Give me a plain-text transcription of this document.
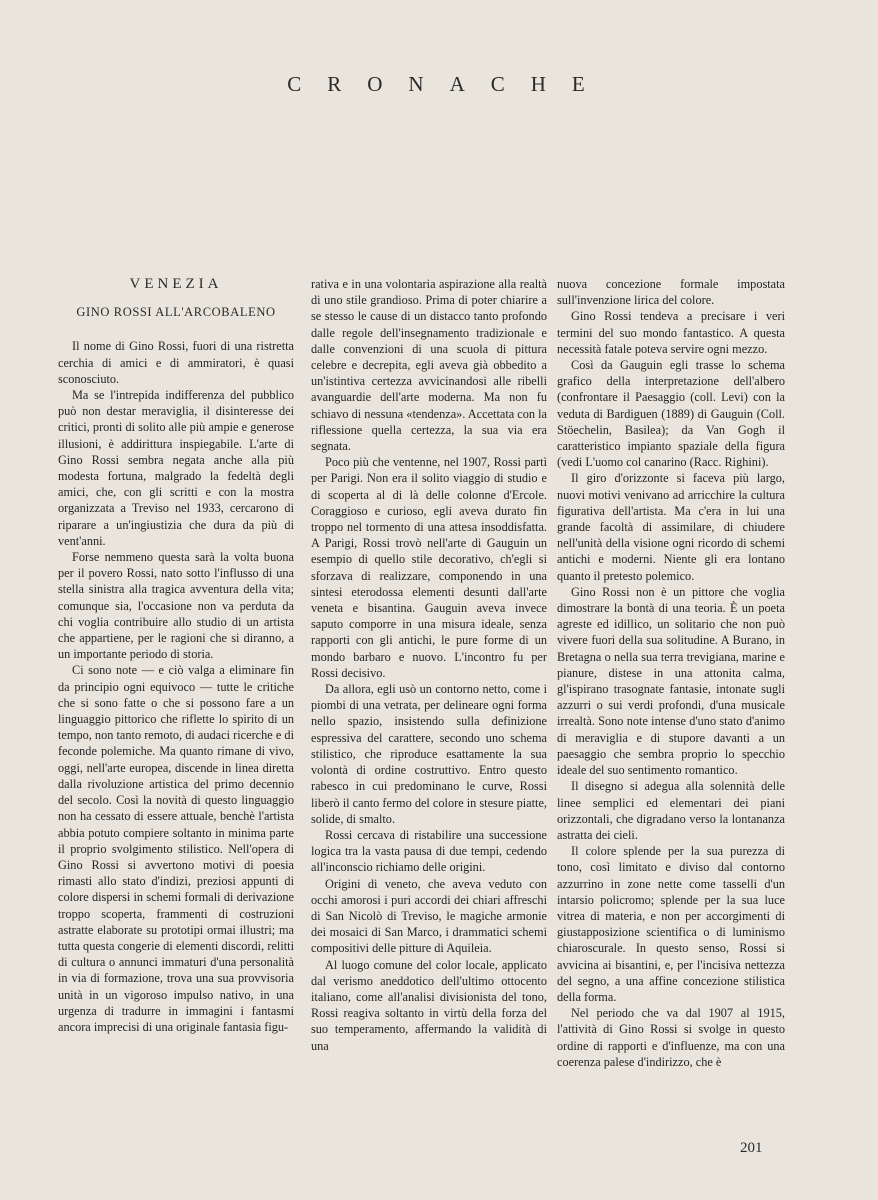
CRONACHE
VENEZIA
GINO ROSSI ALL'ARCOBALENO

Il nome di Gino Rossi, fuori di una ristretta cerchia di amici e di ammiratori, è quasi sconosciuto.

Ma se l'intrepida indifferenza del pubblico può non destar meraviglia, il disinteresse dei critici, pronti di solito alle più ampie e generose illusioni, è addirittura inspiegabile. L'arte di Gino Rossi sembra negata anche alla più modesta fortuna, malgrado la fedeltà degli amici, che, con gli scritti e con la mostra organizzata a Treviso nel 1933, cercarono di riparare a un'ingiustizia che dura da più di vent'anni.

Forse nemmeno questa sarà la volta buona per il povero Rossi, nato sotto l'influsso di una stella sinistra alla tragica avventura della vita; comunque sia, l'occasione non va perduta da chi voglia contribuire allo studio di un artista che appartiene, per le ragioni che si diranno, a un importante periodo di storia.

Ci sono note — e ciò valga a eliminare fin da principio ogni equivoco — tutte le critiche che si sono fatte o che si possono fare a un linguaggio pittorico che riflette lo spirito di un tempo, non tanto remoto, di audaci ricerche e di feconde polemiche. Ma quanto rimane di vivo, oggi, nell'arte europea, discende in linea diretta dalla rivoluzione artistica del primo decennio del secolo. Così la novità di questo linguaggio non ha cessato di essere attuale, benchè l'artista abbia potuto compiere soltanto in minima parte il proprio svolgimento stilistico. Nell'opera di Gino Rossi si avvertono motivi di poesia rimasti allo stato d'indizi, preziosi appunti di colore dispersi in schemi formali di derivazione troppo scoperta, frammenti di costruzioni astratte elaborate su prototipi ormai illustri; ma tutta questa congerie di elementi discordi, relitti di cultura o annunci immaturi d'una personalità in via di formazione, trova una sua provvisoria unità in un vigoroso impulso nativo, in una urgenza di tradurre in immagini i fantasmi ancora imprecisi di una originale fantasia figu-

rativa e in una volontaria aspirazione alla realtà di uno stile grandioso. Prima di poter chiarire a se stesso le cause di un distacco tanto profondo dalle regole dell'insegnamento tradizionale e dalle convenzioni di una scuola di pittura celebre e decrepita, egli aveva già obbedito a un'istintiva certezza avvicinandosi alle ribelli avanguardie dell'arte moderna. Ma non fu schiavo di nessuna «tendenza». Accettata con la riflessione quella certezza, la sua via era segnata.

Poco più che ventenne, nel 1907, Rossi partì per Parigi. Non era il solito viaggio di studio e di scoperta al di là delle colonne d'Ercole. Coraggioso e curioso, egli aveva durato fin troppo nel tormento di una attesa insoddisfatta. A Parigi, Rossi trovò nell'arte di Gauguin un esempio di quello stile decorativo, ch'egli si sforzava di realizzare, componendo in una sintesi eterodossa elementi desunti dall'arte veneta e bisantina. Gauguin aveva invece saputo comporre in una misura ideale, senza rapporti con gli antichi, le pure forme di un mondo barbaro e nuovo. L'incontro fu per Rossi decisivo.

Da allora, egli usò un contorno netto, come i piombi di una vetrata, per delineare ogni forma nello spazio, insistendo sulla definizione espressiva del carattere, secondo uno schema stilistico, che riproduce esattamente la sua volontà di ordine costruttivo. Entro questo rabesco in cui predominano le curve, Rossi liberò il canto fermo del colore in stesure piatte, solide, di smalto.

Rossi cercava di ristabilire una successione logica tra la vasta pausa di due tempi, cedendo all'inconscio richiamo delle origini.

Origini di veneto, che aveva veduto con occhi amorosi i puri accordi dei chiari affreschi di San Nicolò di Treviso, le magiche armonie dei mosaici di San Marco, i drammatici schemi compositivi delle pitture di Aquileia.

Al luogo comune del color locale, applicato dal verismo aneddotico dell'ultimo ottocento italiano, come all'analisi divisionista del tono, Rossi reagiva soltanto in virtù della forza del suo temperamento, affermando la validità di una

nuova concezione formale impostata sull'invenzione lirica del colore.

Gino Rossi tendeva a precisare i veri termini del suo mondo fantastico. A questa necessità fatale poteva servire ogni mezzo.

Così da Gauguin egli trasse lo schema grafico della interpretazione dell'albero (confrontare il Paesaggio (coll. Levi) con la veduta di Bardiguen (1889) di Gauguin (Coll. Stöechelin, Basilea); da Van Gogh il caratteristico impianto spaziale della figura (vedi L'uomo col canarino (Racc. Righini).

Il giro d'orizzonte si faceva più largo, nuovi motivi venivano ad arricchire la cultura figurativa dell'artista. Ma c'era in lui una grande facoltà di assimilare, di chiudere nell'unità della visione ogni ricordo di schemi antichi e moderni. Niente gli era lontano quanto il pretesto polemico.

Gino Rossi non è un pittore che voglia dimostrare la bontà di una teoria. È un poeta agreste ed idillico, un solitario che non può vivere fuori della sua solitudine. A Burano, in Bretagna o nella sua terra trevigiana, marine e pianure, distese in una attonita calma, gl'ispirano trasognate fantasie, intonate sugli azzurri o sui verdi profondi, d'una musicale irrealtà. Sono note intense d'uno stato d'animo di meraviglia e di stupore davanti a un paesaggio che sembra proprio lo specchio ideale del suo sentimento romantico.

Il disegno si adegua alla solennità delle linee semplici ed elementari dei piani orizzontali, che digradano verso la lontananza astratta dei cieli.

Il colore splende per la sua purezza di tono, così limitato e diviso dal contorno azzurrino in zone nette come tasselli d'un intarsio policromo; splende per la sua luce vitrea di materia, e non per accorgimenti di giustapposizione scientifica o di luminismo chiaroscurale. In questo senso, Rossi si avvicina ai bisantini, e, per l'incisiva nettezza del segno, a una affine concezione stilistica della forma.

Nel periodo che va dal 1907 al 1915, l'attività di Gino Rossi si svolge in questo ordine di rapporti e d'influenze, ma con una coerenza palese d'indirizzo, che è

201
